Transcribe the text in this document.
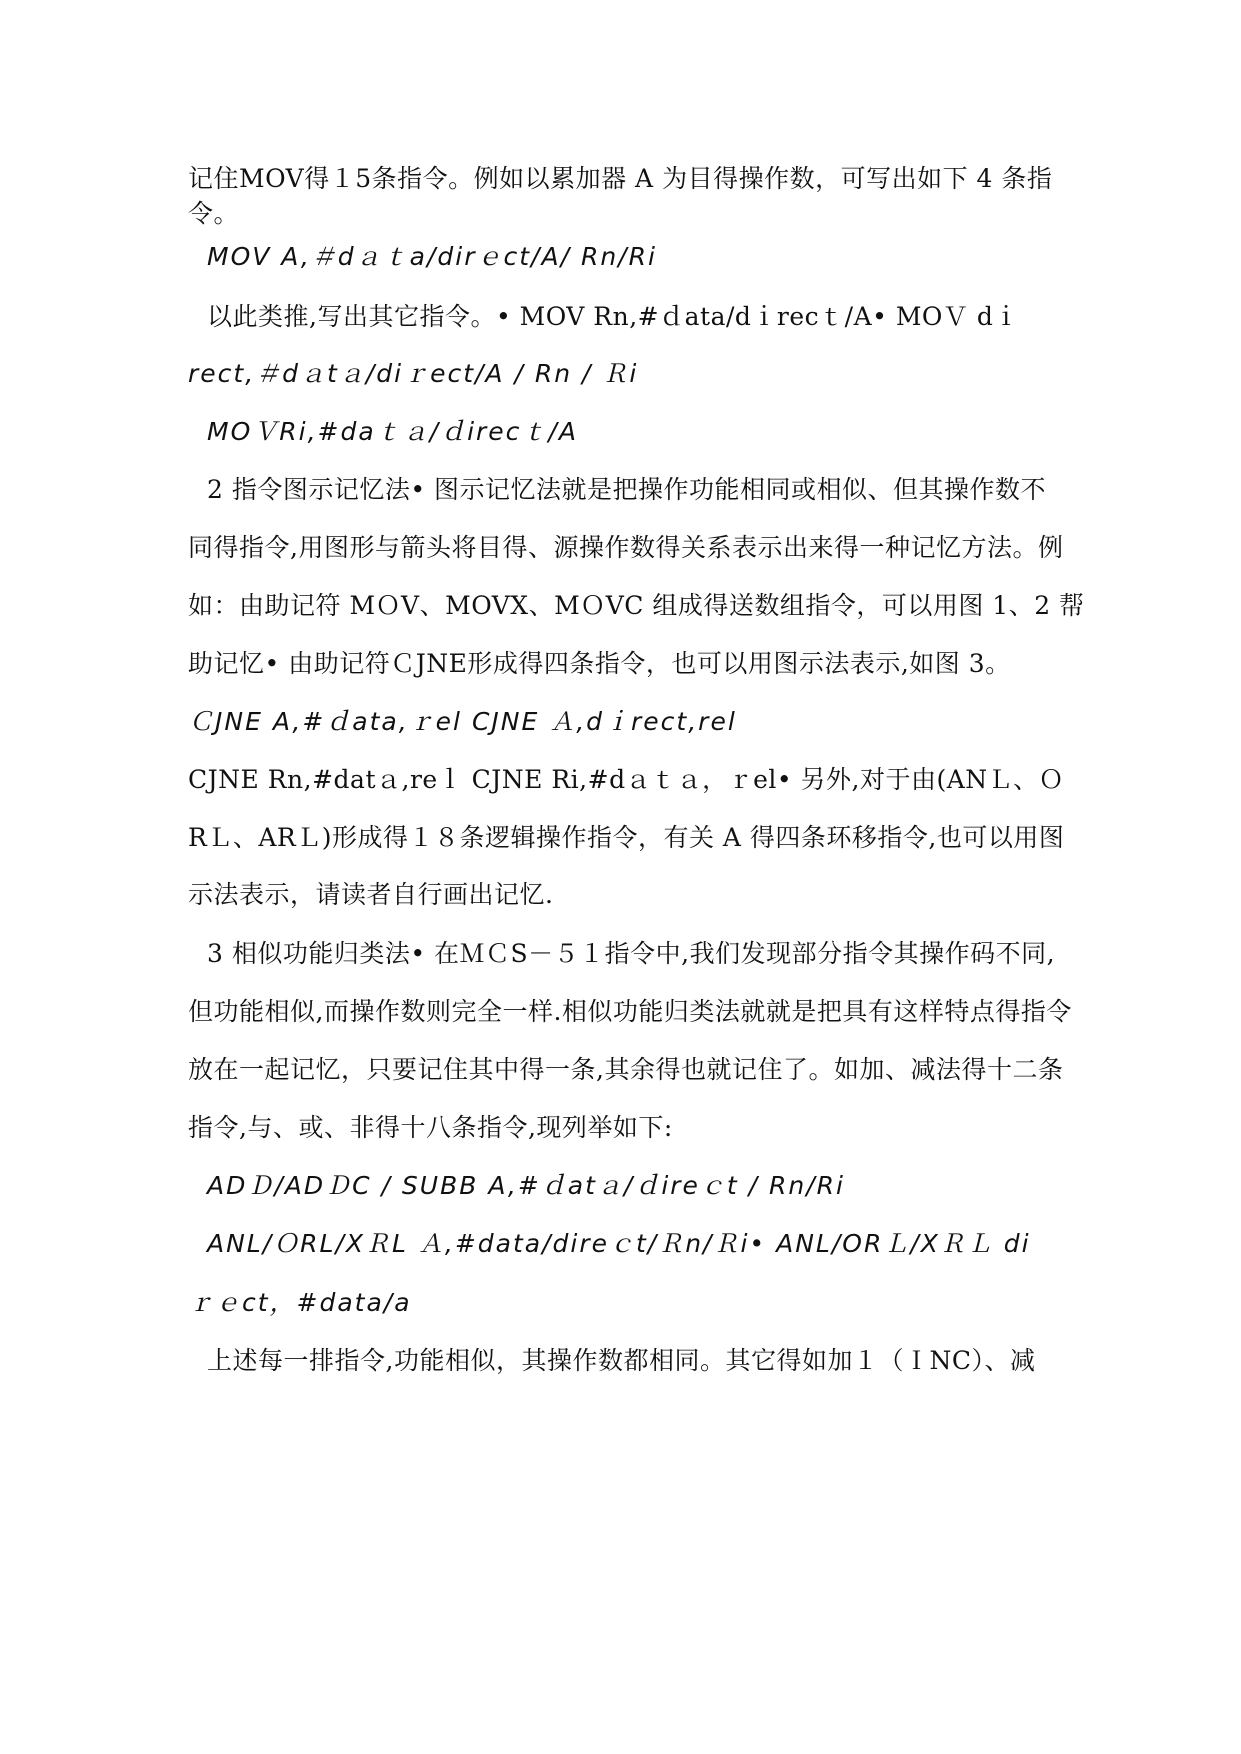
记住MOV得１5条指令。例如以累加器 A 为目得操作数，可写出如下 4 条指
令。
MOV A,＃dａｔa/dirｅct/A/ Rn/Ri
以此类推,写出其它指令。• MOV Rn,#ｄata/dｉrecｔ/A• MOＶ dｉ
rect,＃dａtａ/diｒect/A / Rn / Ｒi
MOＶRi,#daｔａ/ｄirecｔ/A
2 指令图示记忆法• 图示记忆法就是把操作功能相同或相似、但其操作数不
同得指令,用图形与箭头将目得、源操作数得关系表示出来得一种记忆方法。例
如：由助记符 MＯV、MOVX、MＯVC 组成得送数组指令，可以用图 1、2 帮
助记忆• 由助记符ＣJNE形成得四条指令，也可以用图示法表示,如图 3。
ＣJNE A,#ｄata,ｒel CJNE Ａ,dｉrect,rel
CJNE Rn,#datａ,reｌ CJNE Ri,#dａｔａ，ｒel• 另外,对于由(ANＬ、Ｏ
RＬ、ARＬ)形成得１８条逻辑操作指令，有关 A 得四条环移指令,也可以用图
示法表示，请读者自行画出记忆.
3 相似功能归类法• 在ＭＣS－５１指令中,我们发现部分指令其操作码不同,
但功能相似,而操作数则完全一样.相似功能归类法就就是把具有这样特点得指令
放在一起记忆，只要记住其中得一条,其余得也就记住了。如加、减法得十二条
指令,与、或、非得十八条指令,现列举如下:
ADＤ/ADＤC / SUBB A,#ｄatａ/ｄireｃt / Rn/Ri
ANL/ＯRL/XＲL Ａ,#data/direｃt/Ｒn/Ｒi• ANL/ORＬ/XＲＬ di
ｒｅct，#data/a
上述每一排指令,功能相似，其操作数都相同。其它得如加１（ＩNC）、减
